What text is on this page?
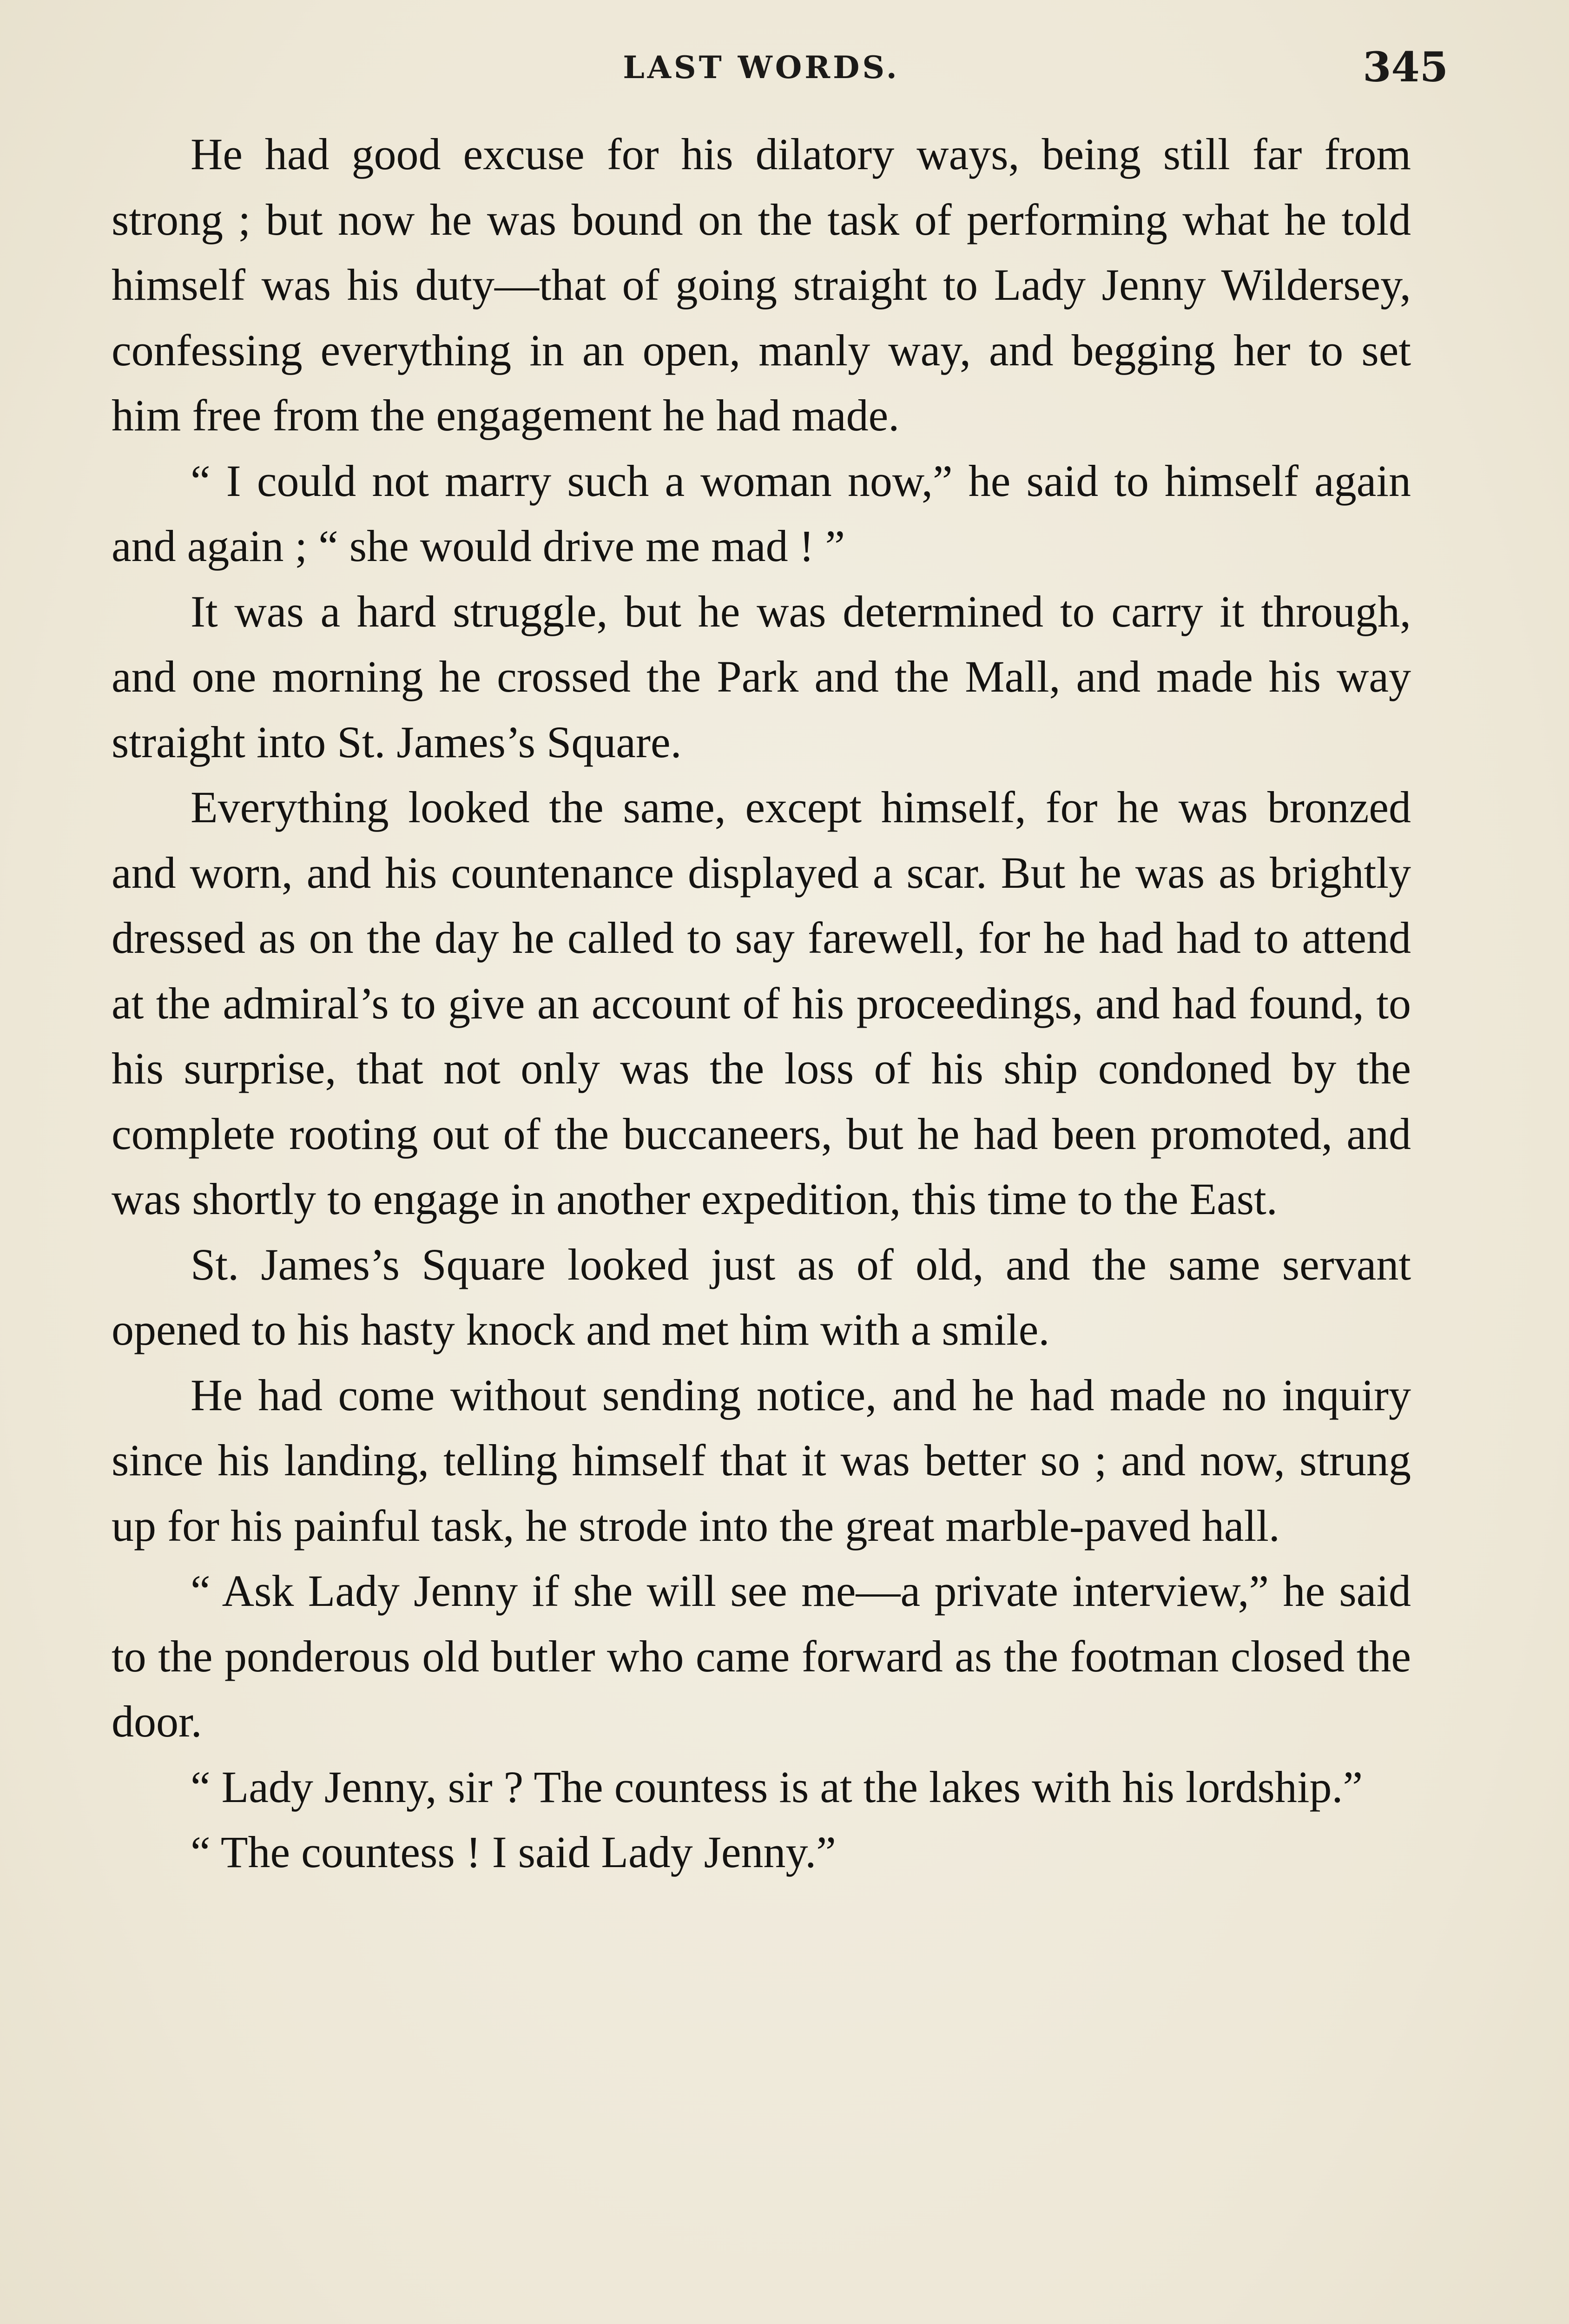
LAST WORDS.	345

He had good excuse for his dilatory ways, being still far from strong ; but now he was bound on the task of performing what he told himself was his duty—that of going straight to Lady Jenny Wildersey, confessing everything in an open, manly way, and begging her to set him free from the engagement he had made.

“ I could not marry such a woman now,” he said to himself again and again ; “ she would drive me mad ! ”

It was a hard struggle, but he was determined to carry it through, and one morning he crossed the Park and the Mall, and made his way straight into St. James’s Square.

Everything looked the same, except himself, for he was bronzed and worn, and his countenance displayed a scar. But he was as brightly dressed as on the day he called to say farewell, for he had had to attend at the admiral’s to give an account of his proceedings, and had found, to his surprise, that not only was the loss of his ship condoned by the complete rooting out of the buccaneers, but he had been promoted, and was shortly to engage in another expedition, this time to the East.

St. James’s Square looked just as of old, and the same servant opened to his hasty knock and met him with a smile.

He had come without sending notice, and he had made no inquiry since his landing, telling himself that it was better so ; and now, strung up for his painful task, he strode into the great marble-paved hall.

“ Ask Lady Jenny if she will see me—a private interview,” he said to the ponderous old butler who came forward as the footman closed the door.

“ Lady Jenny, sir ? The countess is at the lakes with his lordship.”

“ The countess ! I said Lady Jenny.”
